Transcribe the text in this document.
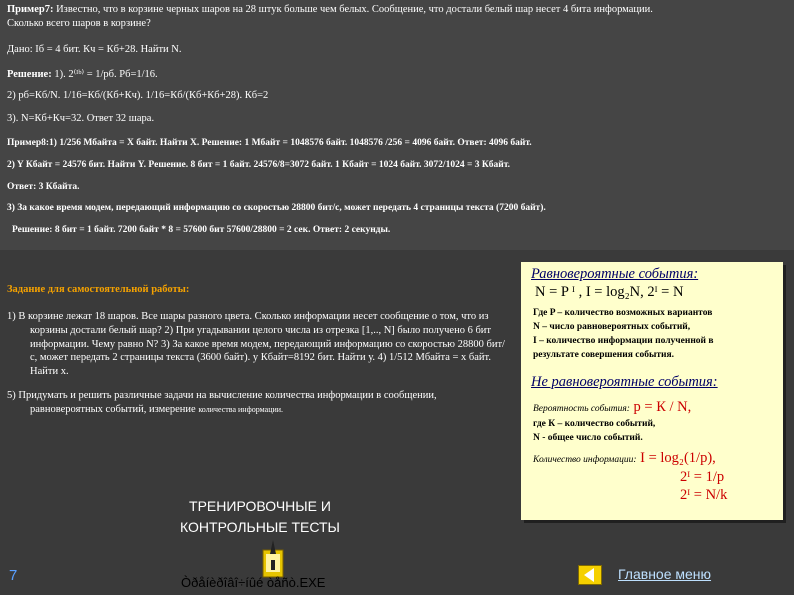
Пример7: Известно, что в корзине черных шаров на 28 штук больше чем белых. Сообщение, что достали белый шар несет 4 бита информации.
Сколько всего шаров в корзине?
Дано: Iб = 4 бит. Кч = Кб+28. Найти N.
Решение: 1). 2⁽ᴵᵇ⁾ = 1/рб. Рб=1/16.
2) рб=Кб/N. 1/16=Кб/(Кб+Кч). 1/16=Кб/(Кб+Кб+28). Кб=2
3). N=Кб+Кч=32. Ответ 32 шара.
Пример8:1) 1/256 Мбайта = Х байт. Найти Х. Решение: 1 Мбайт = 1048576 байт. 1048576 /256 = 4096 байт. Ответ: 4096 байт.
2) Y Кбайт = 24576 бит. Найти Y. Решение. 8 бит = 1 байт. 24576/8=3072 байт. 1 Кбайт = 1024 байт. 3072/1024 = 3 Кбайт.
Ответ: 3 Кбайта.
3) За какое время модем, передающий информацию со скоростью 28800 бит/с, может передать 4 страницы текста (7200 байт).
Решение: 8 бит = 1 байт. 7200 байт * 8 = 57600 бит 57600/28800 = 2 сек. Ответ: 2 секунды.
Задание для самостоятельной работы:
1) В корзине лежат 18 шаров. Все шары разного цвета. Сколько информации несет сообщение о том, что из корзины достали белый шар? 2) При угадывании целого числа из отрезка [1,.., N] было получено 6 бит информации. Чему равно N? 3) За какое время модем, передающий информацию со скоростью 28800 бит/с, может передать 2 страницы текста (3600 байт). у Кбайт=8192 бит. Найти у. 4) 1/512 Мбайта = х байт. Найти х.
5) Придумать и решить различные задачи на вычисление количества информации в сообщении, равновероятных событий, измерение количества информации.
ТРЕНИРОВОЧНЫЕ И КОНТРОЛЬНЫЕ ТЕСТЫ
Равновероятные события:
N = P ᴵ , I = log₂N, 2ᴵ = N
Где P – количество возможных вариантов
N – число равновероятных событий,
I – количество информации полученной в
результате совершения события.
Не равновероятные события:
Вероятность события: р = К / N,
где К – количество событий,
N - общее число событий.
Количество информации: I = log₂(1/p),
2ᴵ = 1/p
2ᴵ = N/k
7	Òðåíèðîâî÷íûé òåñò.EXE
Главное меню
